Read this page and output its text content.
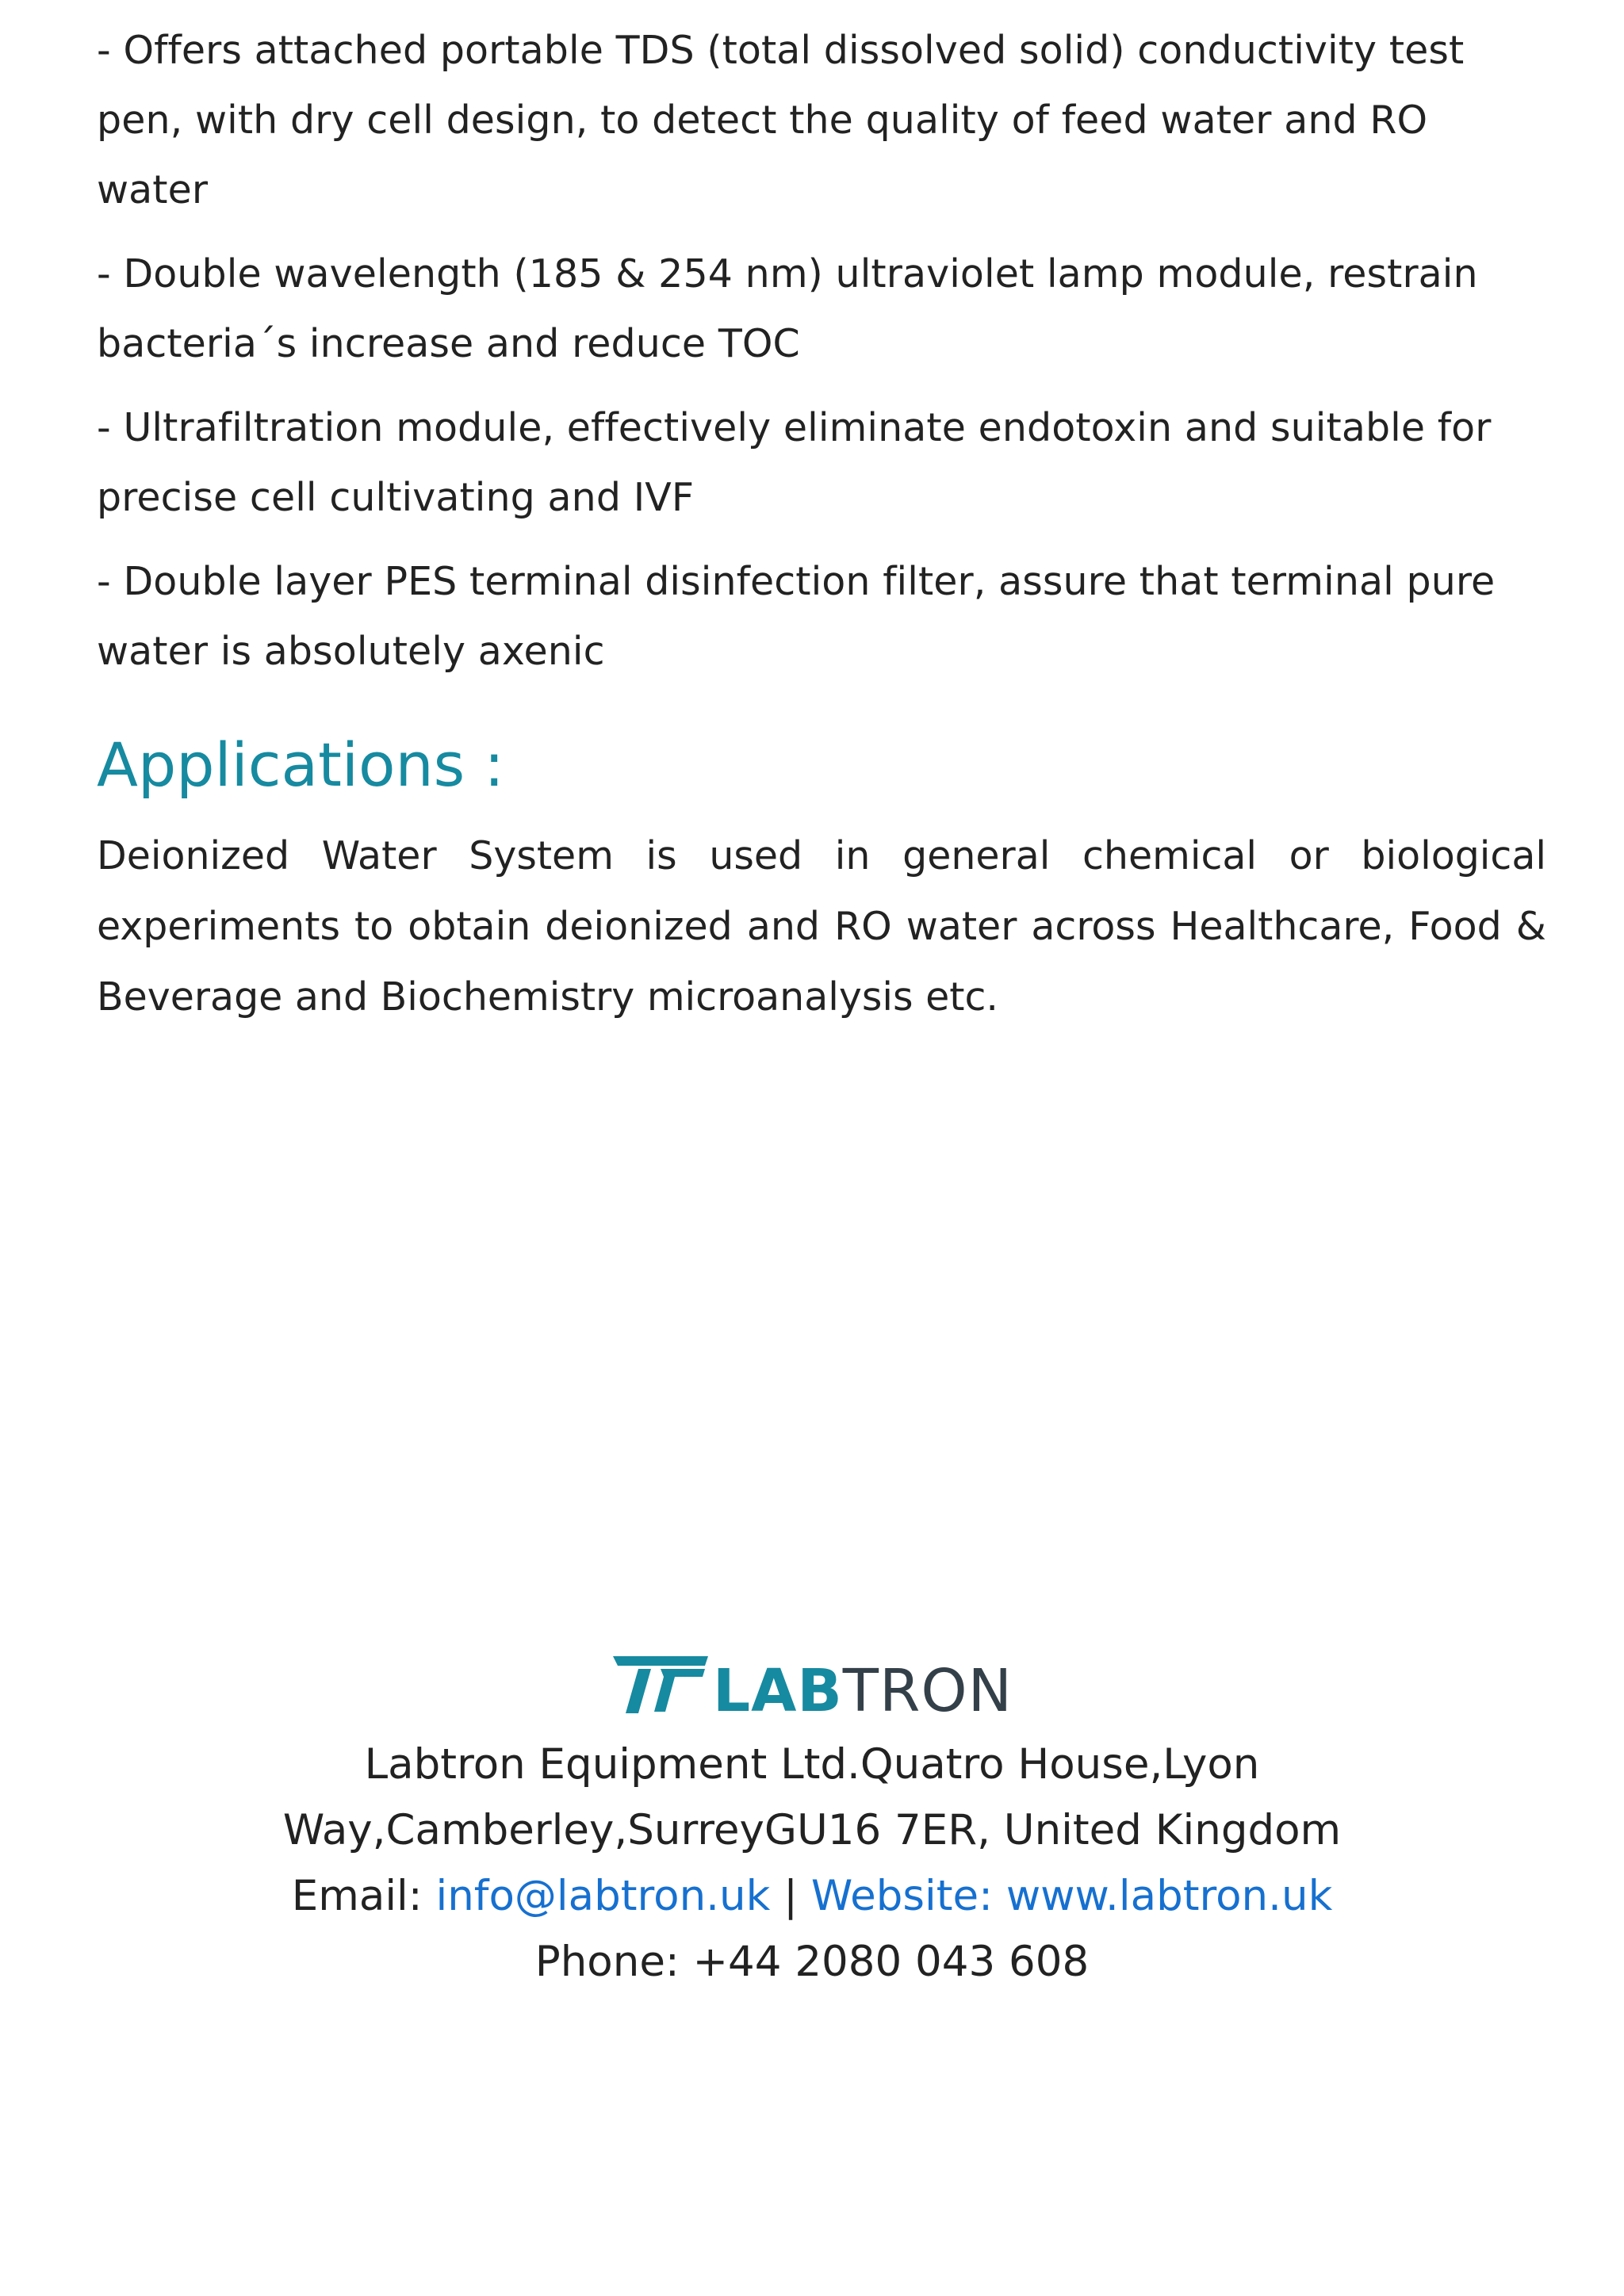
- Offers attached portable TDS (total dissolved solid) conductivity test pen, with dry cell design, to detect the quality of feed water and RO water
- Double wavelength (185 & 254 nm) ultraviolet lamp module, restrain bacteria´s increase and reduce TOC
- Ultrafiltration module, effectively eliminate endotoxin and suitable for precise cell cultivating and IVF
- Double layer PES terminal disinfection filter, assure that terminal pure water is absolutely axenic
Applications :

Deionized Water System is used in general chemical or biological experiments to obtain deionized and RO water across Healthcare, Food & Beverage and Biochemistry microanalysis etc.

LABTRON

Labtron Equipment Ltd.Quatro House,Lyon

Way,Camberley,SurreyGU16 7ER, United Kingdom

Email: info@labtron.uk | Website: www.labtron.uk

Phone: +44 2080 043 608
